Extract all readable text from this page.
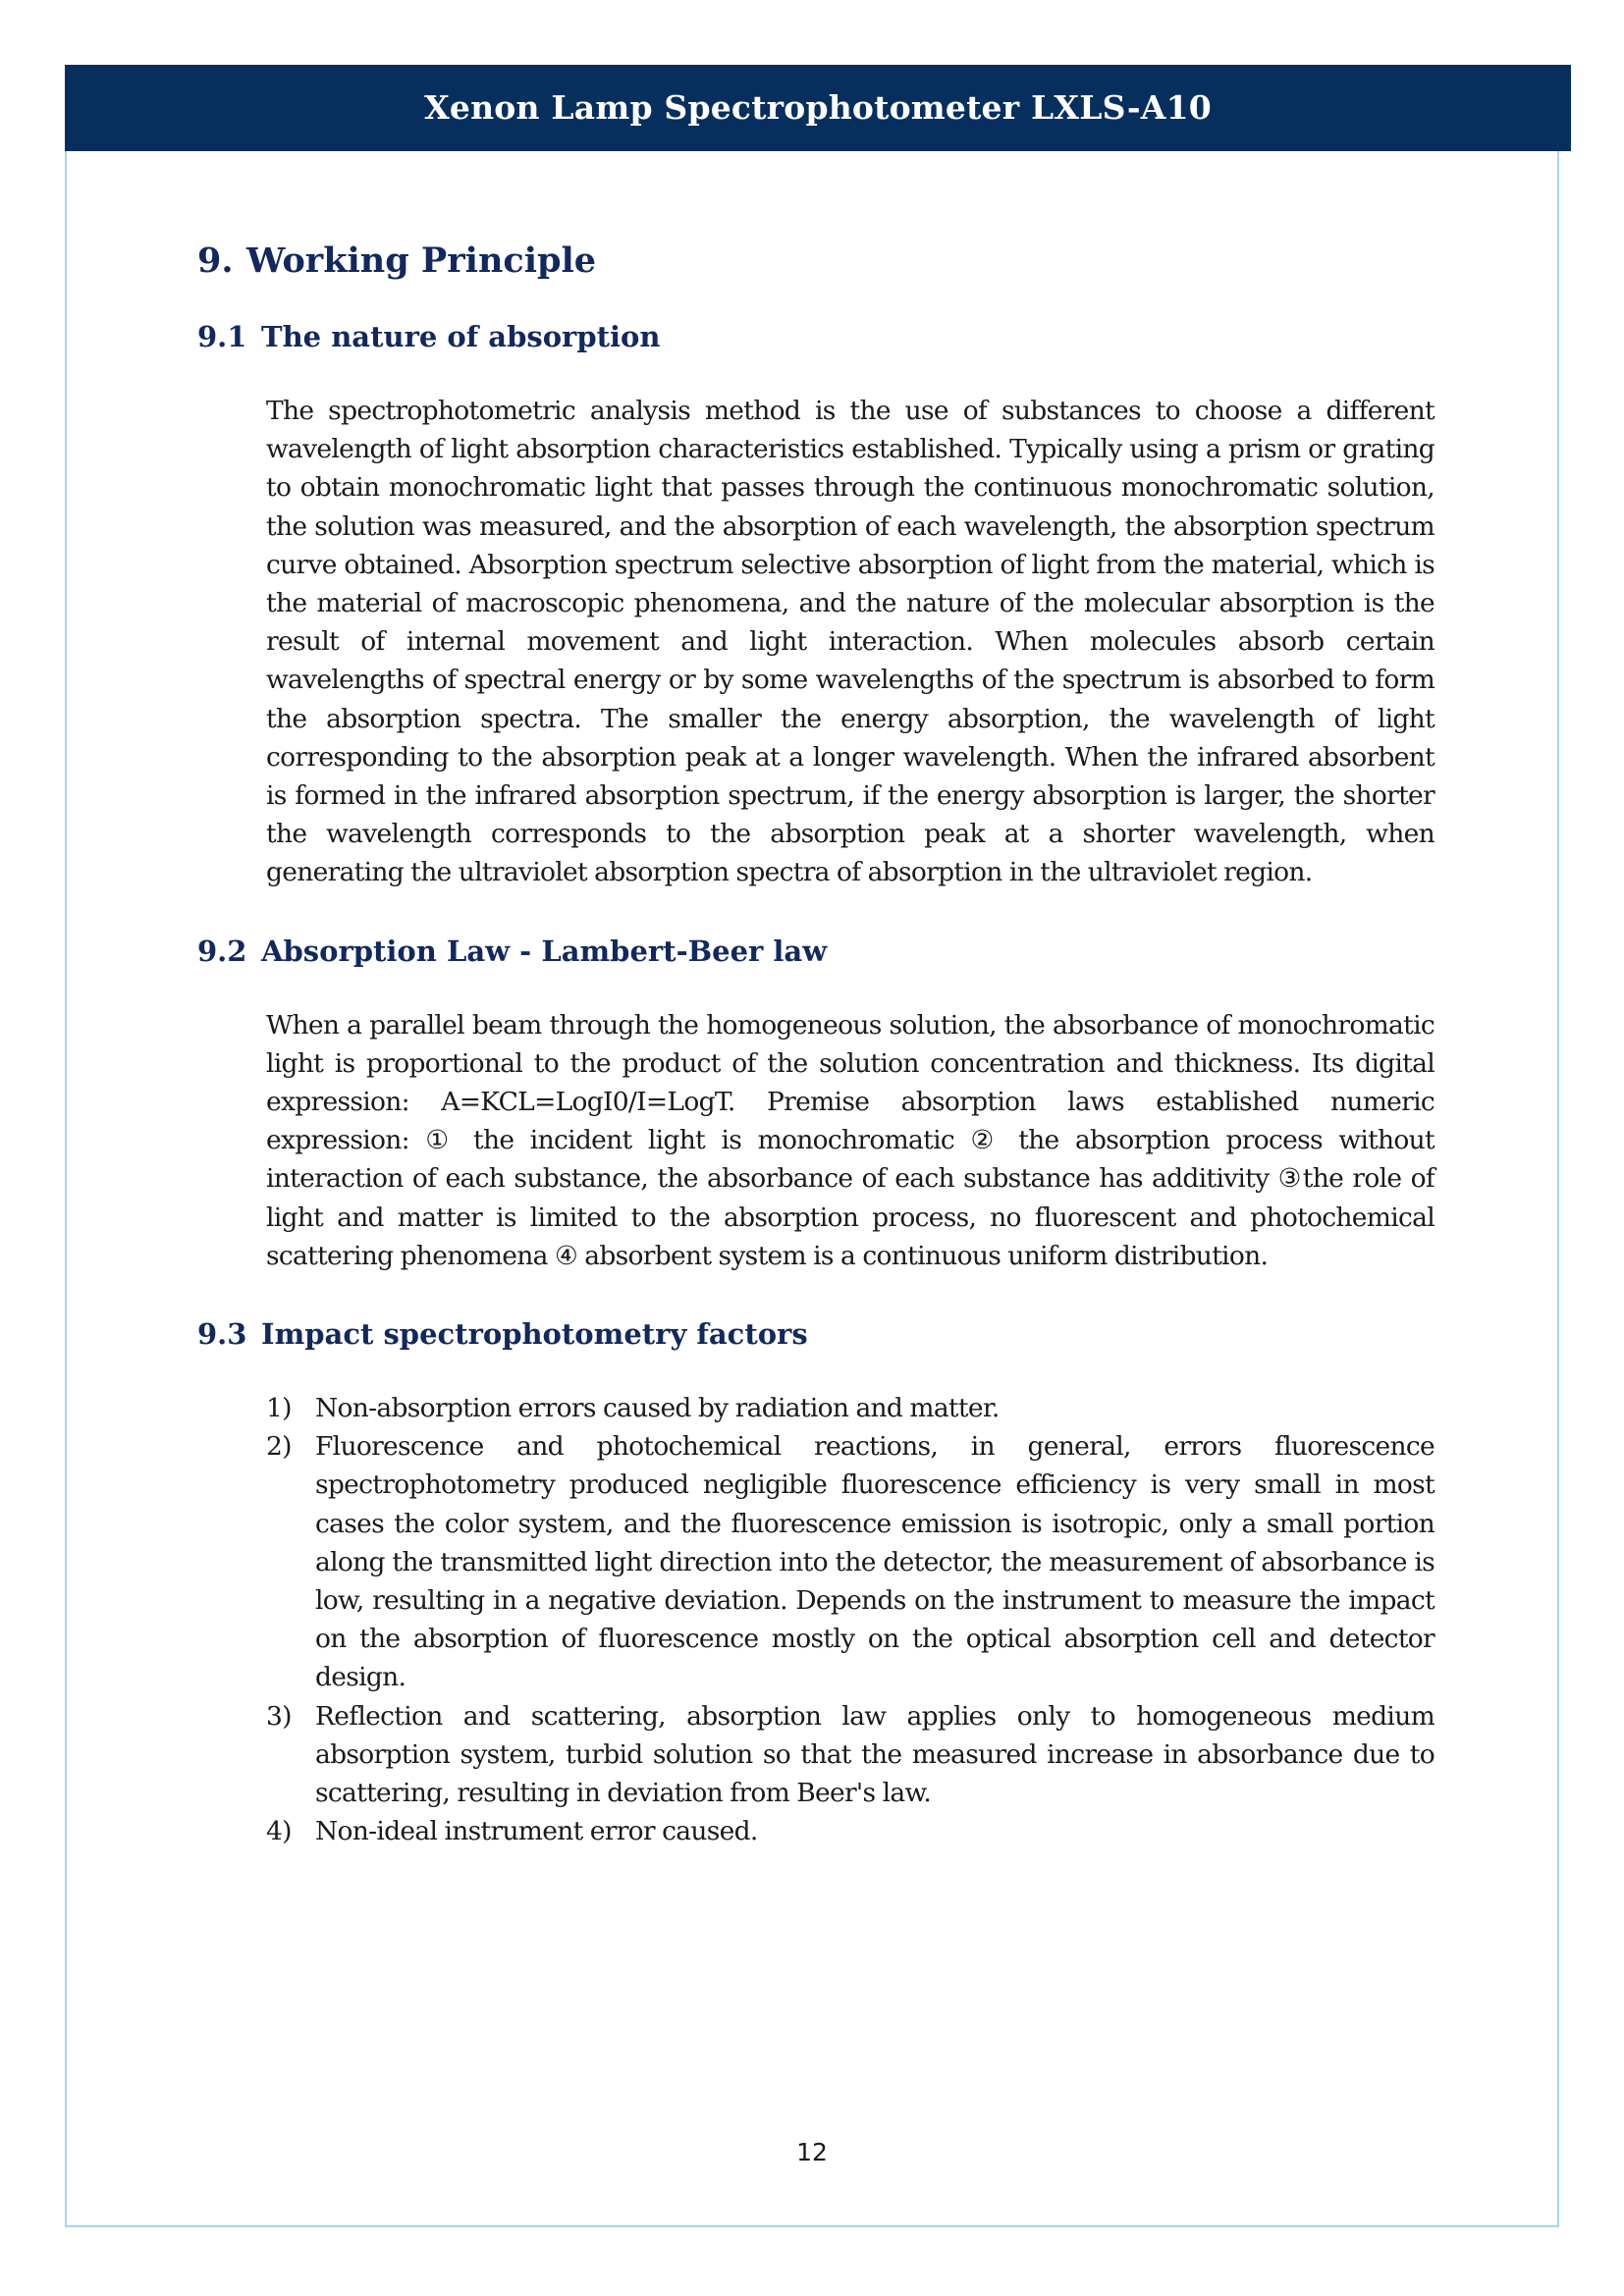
Xenon Lamp Spectrophotometer LXLS-A10
9. Working Principle
9.1 The nature of absorption

The spectrophotometric analysis method is the use of substances to choose a different wavelength of light absorption characteristics established. Typically using a prism or grating to obtain monochromatic light that passes through the continuous monochromatic solution, the solution was measured, and the absorption of each wavelength, the absorption spectrum curve obtained. Absorption spectrum selective absorption of light from the material, which is the material of macroscopic phenomena, and the nature of the molecular absorption is the result of internal movement and light interaction. When molecules absorb certain wavelengths of spectral energy or by some wavelengths of the spectrum is absorbed to form the absorption spectra. The smaller the energy absorption, the wavelength of light corresponding to the absorption peak at a longer wavelength. When the infrared absorbent is formed in the infrared absorption spectrum, if the energy absorption is larger, the shorter the wavelength corresponds to the absorption peak at a shorter wavelength, when generating the ultraviolet absorption spectra of absorption in the ultraviolet region.

9.2 Absorption Law - Lambert-Beer law

When a parallel beam through the homogeneous solution, the absorbance of monochromatic light is proportional to the product of the solution concentration and thickness. Its digital expression: A=KCL=LogI0/I=LogT. Premise absorption laws established numeric expression: ① the incident light is monochromatic ② the absorption process without interaction of each substance, the absorbance of each substance has additivity ③the role of light and matter is limited to the absorption process, no fluorescent and photochemical scattering phenomena ④ absorbent system is a continuous uniform distribution.

9.3 Impact spectrophotometry factors
1) Non-absorption errors caused by radiation and matter.
2) Fluorescence and photochemical reactions, in general, errors fluorescence spectrophotometry produced negligible fluorescence efficiency is very small in most cases the color system, and the fluorescence emission is isotropic, only a small portion along the transmitted light direction into the detector, the measurement of absorbance is low, resulting in a negative deviation. Depends on the instrument to measure the impact on the absorption of fluorescence mostly on the optical absorption cell and detector design.
3) Reflection and scattering, absorption law applies only to homogeneous medium absorption system, turbid solution so that the measured increase in absorbance due to scattering, resulting in deviation from Beer's law.
4) Non-ideal instrument error caused.
12
